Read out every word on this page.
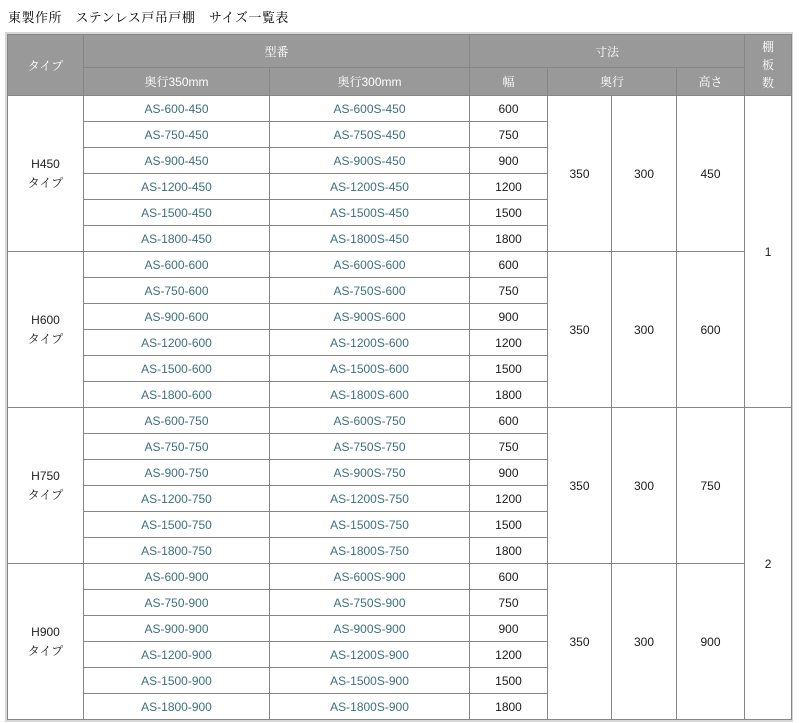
東製作所　ステンレス戸吊戸棚　サイズ一覧表
タイプ	型番		寸法				棚板数
	奥行350mm	奥行300mm	幅	奥行		高さ	

H450
タイプ	AS-600-450	AS-600S-450	600	350	300	450	1
	AS-750-450	AS-750S-450	750				
	AS-900-450	AS-900S-450	900				
	AS-1200-450	AS-1200S-450	1200				
	AS-1500-450	AS-1500S-450	1500				
	AS-1800-450	AS-1800S-450	1800				

H600
タイプ	AS-600-600	AS-600S-600	600	350	300	600	
	AS-750-600	AS-750S-600	750				
	AS-900-600	AS-900S-600	900				
	AS-1200-600	AS-1200S-600	1200				
	AS-1500-600	AS-1500S-600	1500				
	AS-1800-600	AS-1800S-600	1800				

H750
タイプ	AS-600-750	AS-600S-750	600	350	300	750	2
	AS-750-750	AS-750S-750	750				
	AS-900-750	AS-900S-750	900				
	AS-1200-750	AS-1200S-750	1200				
	AS-1500-750	AS-1500S-750	1500				
	AS-1800-750	AS-1800S-750	1800				

H900
タイプ	AS-600-900	AS-600S-900	600	350	300	900	
	AS-750-900	AS-750S-900	750				
	AS-900-900	AS-900S-900	900				
	AS-1200-900	AS-1200S-900	1200				
	AS-1500-900	AS-1500S-900	1500				
	AS-1800-900	AS-1800S-900	1800				
